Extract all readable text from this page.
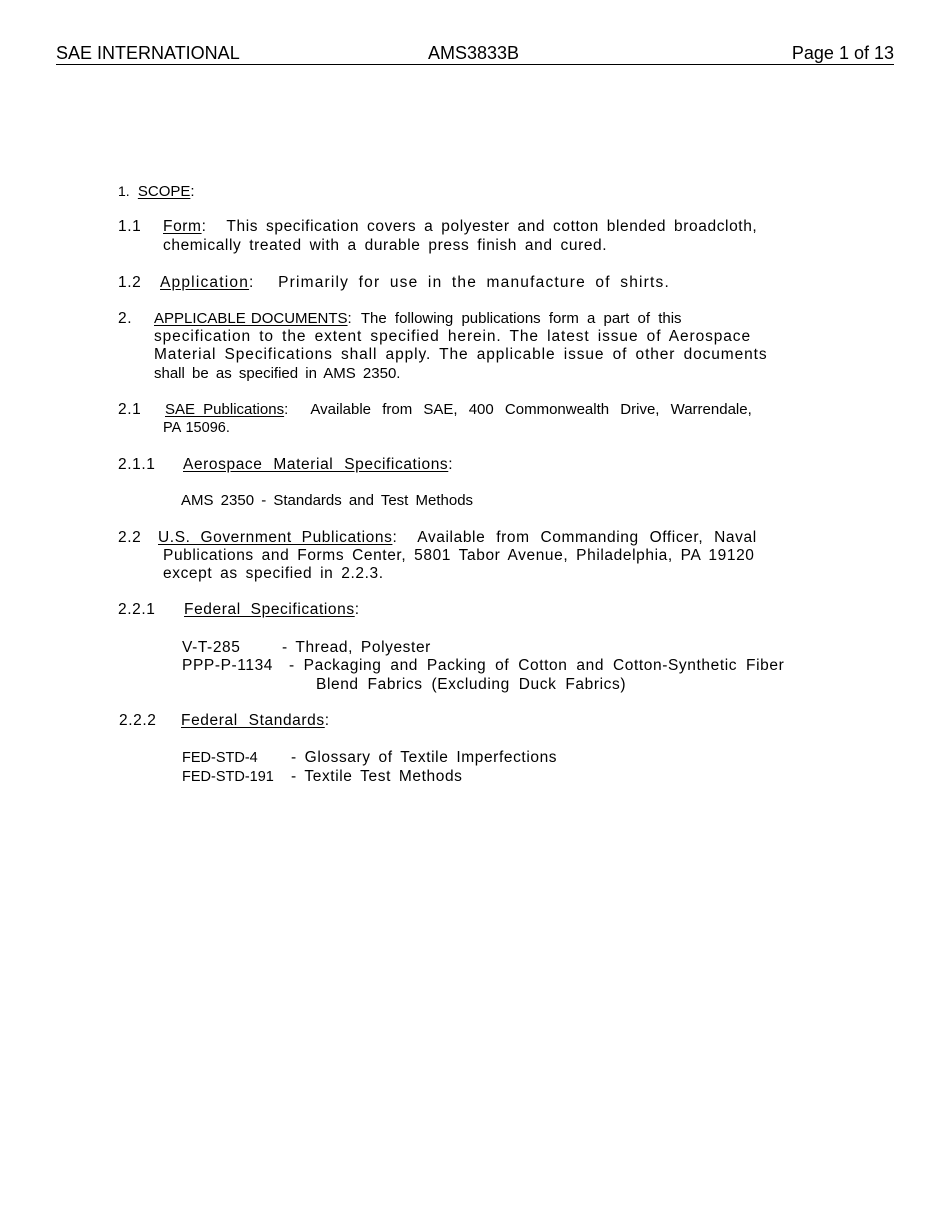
SAE INTERNATIONAL	AMS3833B	Page 1 of 13
1. SCOPE:
1.1 Form: This specification covers a polyester and cotton blended broadcloth,
chemically treated with a durable press finish and cured.
1.2 Application: Primarily for use in the manufacture of shirts.
2. APPLICABLE DOCUMENTS: The following publications form a part of this
specification to the extent specified herein. The latest issue of Aerospace
Material Specifications shall apply. The applicable issue of other documents
shall be as specified in AMS 2350.
2.1 SAE Publications: Available from SAE, 400 Commonwealth Drive, Warrendale,
PA 15096.
2.1.1 Aerospace Material Specifications:
AMS 2350 - Standards and Test Methods
2.2 U.S. Government Publications: Available from Commanding Officer, Naval
Publications and Forms Center, 5801 Tabor Avenue, Philadelphia, PA 19120
except as specified in 2.2.3.
2.2.1 Federal Specifications:
V-T-285	- Thread, Polyester
PPP-P-1134 - Packaging and Packing of Cotton and Cotton-Synthetic Fiber
Blend Fabrics (Excluding Duck Fabrics)
2.2.2 Federal Standards:
FED-STD-4 - Glossary of Textile Imperfections
FED-STD-191 - Textile Test Methods
